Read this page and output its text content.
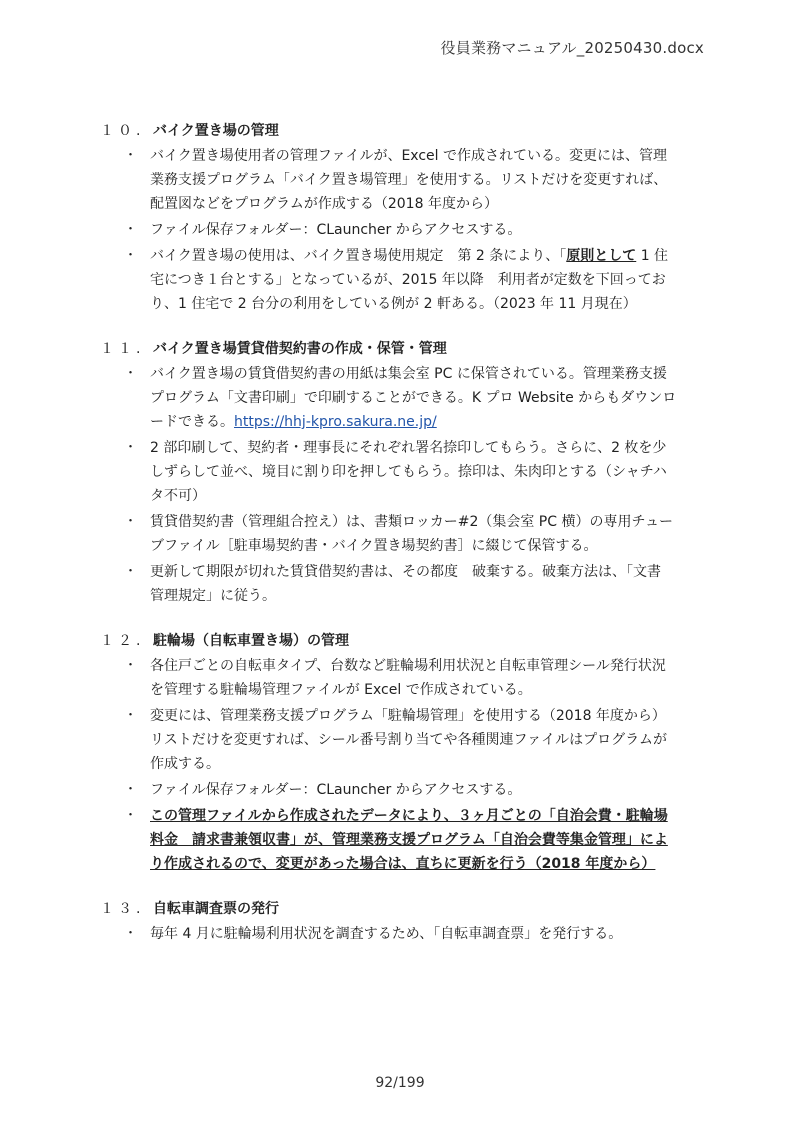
役員業務マニュアル_20250430.docx
１０. バイク置き場の管理
・ バイク置き場使用者の管理ファイルが、Excel で作成されている。変更には、管理
業務支援プログラム「バイク置き場管理」を使用する。リストだけを変更すれば、
配置図などをプログラムが作成する（2018 年度から）
・ ファイル保存フォルダー：CLauncher からアクセスする。
・ バイク置き場の使用は、バイク置き場使用規定　第 2 条により、「原則として 1 住
宅につき１台とする」となっているが、2015 年以降　利用者が定数を下回ってお
り、1 住宅で 2 台分の利用をしている例が 2 軒ある。（2023 年 11 月現在）
１１. バイク置き場賃貸借契約書の作成・保管・管理
・ バイク置き場の賃貸借契約書の用紙は集会室 PC に保管されている。管理業務支援
プログラム「文書印刷」で印刷することができる。K プロ Website からもダウンロ
ードできる。https://hhj-kpro.sakura.ne.jp/
・ 2 部印刷して、契約者・理事長にそれぞれ署名捺印してもらう。さらに、2 枚を少
しずらして並べ、境目に割り印を押してもらう。捺印は、朱肉印とする（シャチハ
タ不可）
・ 賃貸借契約書（管理組合控え）は、書類ロッカー#2（集会室 PC 横）の専用チュー
ブファイル［駐車場契約書・バイク置き場契約書］に綴じて保管する。
・ 更新して期限が切れた賃貸借契約書は、その都度　破棄する。破棄方法は、「文書
管理規定」に従う。
１２. 駐輪場（自転車置き場）の管理
・ 各住戸ごとの自転車タイプ、台数など駐輪場利用状況と自転車管理シール発行状況
を管理する駐輪場管理ファイルが Excel で作成されている。
・ 変更には、管理業務支援プログラム「駐輪場管理」を使用する（2018 年度から）
リストだけを変更すれば、シール番号割り当てや各種関連ファイルはプログラムが
作成する。
・ ファイル保存フォルダー：CLauncher からアクセスする。
・ この管理ファイルから作成されたデータにより、３ヶ月ごとの「自治会費・駐輪場
料金　請求書兼領収書」が、管理業務支援プログラム「自治会費等集金管理」によ
り作成されるので、変更があった場合は、直ちに更新を行う（2018 年度から）
１３. 自転車調査票の発行
・ 毎年 4 月に駐輪場利用状況を調査するため、「自転車調査票」を発行する。
92/199
